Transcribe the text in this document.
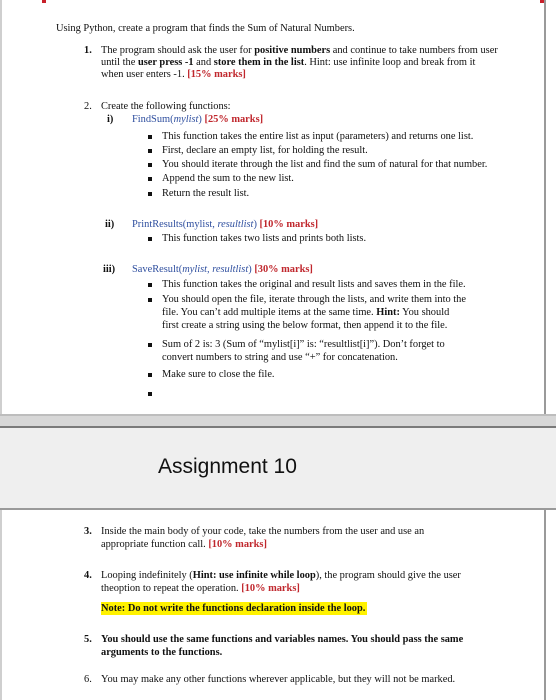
Using Python, create a program that finds the Sum of Natural Numbers.
1. The program should ask the user for positive numbers and continue to take numbers from user
until the user press -1 and store them in the list. Hint: use infinite loop and break from it
when user enters -1. [15% marks]
2. Create the following functions:
i) FindSum(mylist) [25% marks]
This function takes the entire list as input (parameters) and returns one list.
First, declare an empty list, for holding the result.
You should iterate through the list and find the sum of natural for that number.
Append the sum to the new list.
Return the result list.
ii) PrintResults(mylist, resultlist) [10% marks]
This function takes two lists and prints both lists.
iii) SaveResult(mylist, resultlist) [30% marks]
This function takes the original and result lists and saves them in the file.
You should open the file, iterate through the lists, and write them into the
file. You can’t add multiple items at the same time. Hint: You should
first create a string using the below format, then append it to the file.
Sum of 2 is: 3 (Sum of “mylist[i]” is: “resultlist[i]”). Don’t forget to
convert numbers to string and use “+” for concatenation.
Make sure to close the file.
Assignment 10
3. Inside the main body of your code, take the numbers from the user and use an
appropriate function call. [10% marks]
4. Looping indefinitely (Hint: use infinite while loop), the program should give the user
theoption to repeat the operation. [10% marks]
Note: Do not write the functions declaration inside the loop.
5. You should use the same functions and variables names. You should pass the same
arguments to the functions.
6. You may make any other functions wherever applicable, but they will not be marked.
